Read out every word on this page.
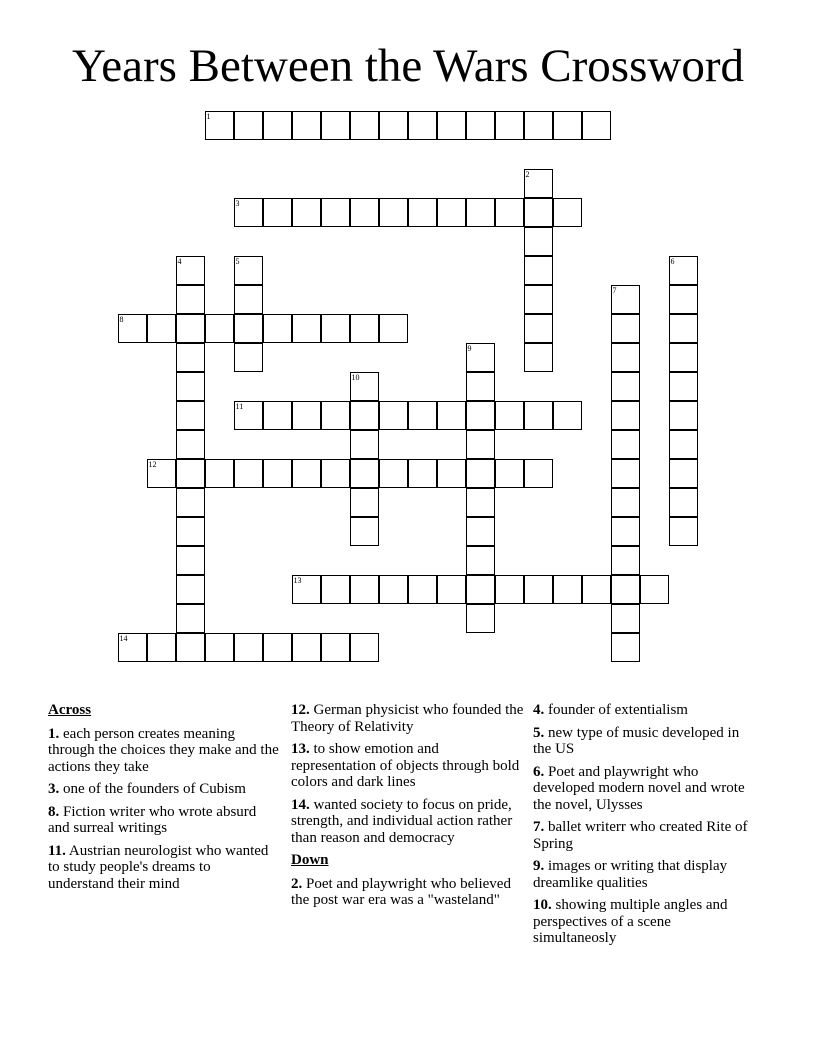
Years Between the Wars Crossword
1
2
3
4	5	6
7
8
9
10
11
12
13
14
Across
1. each person creates meaning through the choices they make and the actions they take
3. one of the founders of Cubism
8. Fiction writer who wrote absurd and surreal writings
11. Austrian neurologist who wanted to study people's dreams to understand their mind
12. German physicist who founded the Theory of Relativity
13. to show emotion and representation of objects through bold colors and dark lines
14. wanted society to focus on pride, strength, and individual action rather than reason and democracy
Down
2. Poet and playwright who believed the post war era was a "wasteland"
4. founder of extentialism
5. new type of music developed in the US
6. Poet and playwright who developed modern novel and wrote the novel, Ulysses
7. ballet writerr who created Rite of Spring
9. images or writing that display dreamlike qualities
10. showing multiple angles and perspectives of a scene simultaneosly
